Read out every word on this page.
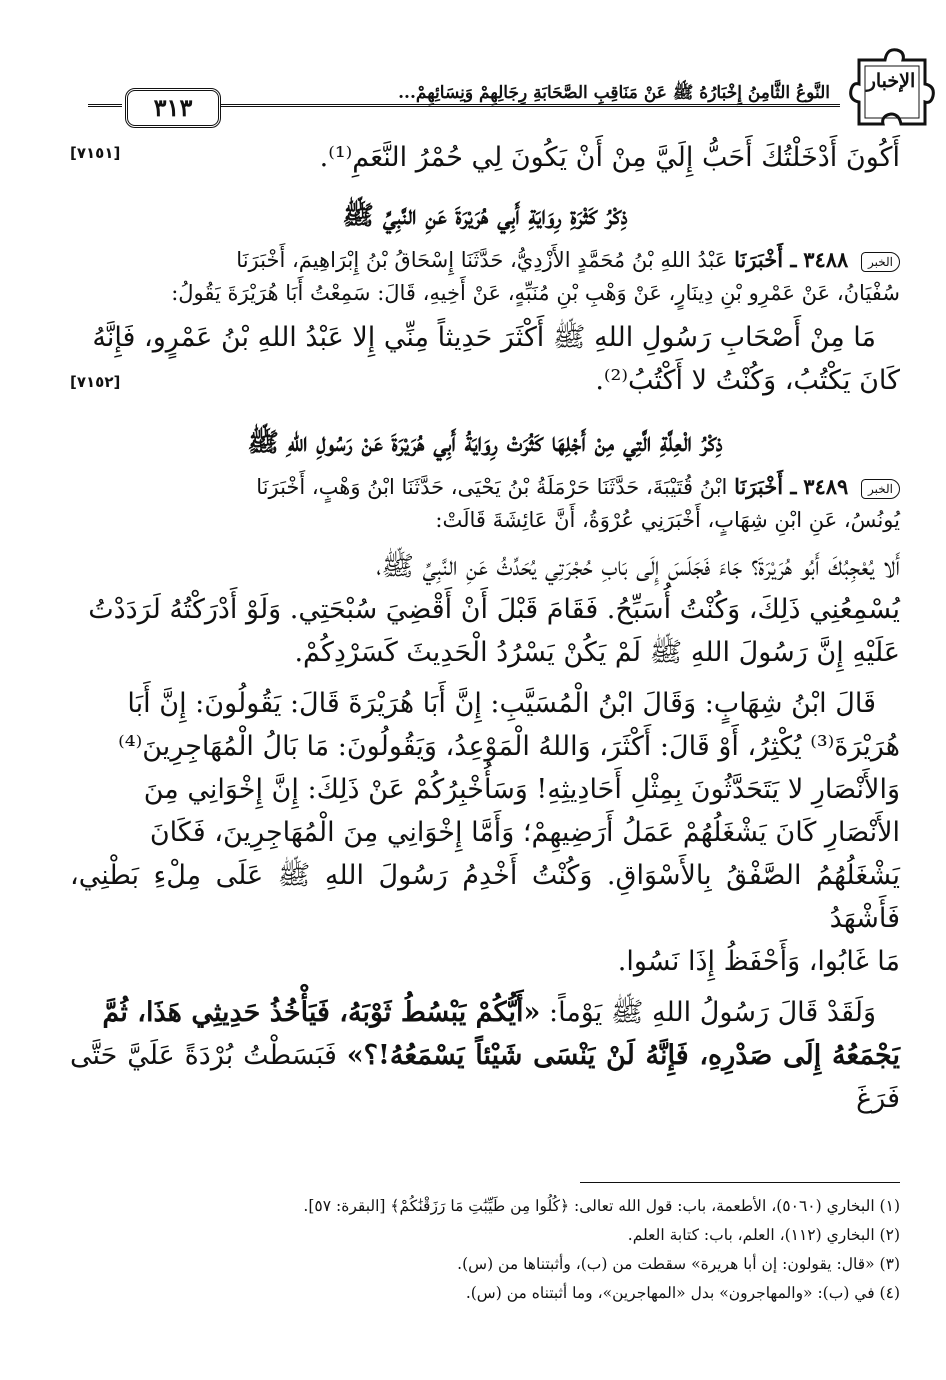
٣١٣	النَّوعُ الثَّامِنُ إِخْبَارُهُ ﷺ عَنْ مَنَاقِبِ الصَّحَابَةِ رِجَالِهِمْ وَنِسَائِهِمْ...
الإخبار
أَكُونَ أَدْخَلْتُكَ أَحَبُّ إِلَيَّ مِنْ أَنْ يَكُونَ لِي حُمْرُ النَّعَمِ⁽¹⁾.
[٧١٥١]
ذِكْرُ كَثْرَةِ رِوَايَةِ أَبِي هُرَيْرَةَ عَنِ النَّبِيِّ ﷺ
الخبر ٣٤٨٨ ـ أَخْبَرَنَا عَبْدُ اللهِ بْنُ مُحَمَّدٍ الأَزْدِيُّ، حَدَّثَنَا إِسْحَاقُ بْنُ إِبْرَاهِيمَ، أَخْبَرَنَا
سُفْيَانُ، عَنْ عَمْرِو بْنِ دِينَارٍ، عَنْ وَهْبِ بْنِ مُنَبِّهٍ، عَنْ أَخِيهِ، قَالَ: سَمِعْتُ أَبَا هُرَيْرَةَ يَقُولُ:
مَا مِنْ أَصْحَابِ رَسُولِ اللهِ ﷺ أَكْثَرَ حَدِيثاً مِنِّي إِلا عَبْدُ اللهِ بْنُ عَمْرٍو، فَإِنَّهُ
كَانَ يَكْتُبُ، وَكُنْتُ لا أَكْتُبُ⁽²⁾.
[٧١٥٢]
ذِكْرُ الْعِلَّةِ الَّتِي مِنْ أَجْلِهَا كَثُرَتْ رِوَايَةُ أَبِي هُرَيْرَةَ عَنْ رَسُولِ اللهِ ﷺ
الخبر ٣٤٨٩ ـ أَخْبَرَنَا ابْنُ قُتَيْبَةَ، حَدَّثَنَا حَرْمَلَةُ بْنُ يَحْيَى، حَدَّثَنَا ابْنُ وَهْبٍ، أَخْبَرَنَا
يُونُسُ، عَنِ ابْنِ شِهَابٍ، أَخْبَرَنِي عُرْوَةُ، أَنَّ عَائِشَةَ قَالَتْ:
أَلا يُعْجِبُكَ أَبُو هُرَيْرَةَ؟ جَاءَ فَجَلَسَ إِلَى بَابِ حُجْرَتِي يُحَدِّثُ عَنِ النَّبِيِّ ﷺ،
يُسْمِعُنِي ذَلِكَ، وَكُنْتُ أُسَبِّحُ. فَقَامَ قَبْلَ أَنْ أَقْضِيَ سُبْحَتِي. وَلَوْ أَدْرَكْتُهُ لَرَدَدْتُ
عَلَيْهِ إِنَّ رَسُولَ اللهِ ﷺ لَمْ يَكُنْ يَسْرُدُ الْحَدِيثَ كَسَرْدِكُمْ.
قَالَ ابْنُ شِهَابٍ: وَقَالَ ابْنُ الْمُسَيَّبِ: إِنَّ أَبَا هُرَيْرَةَ قَالَ: يَقُولُونَ: إِنَّ أَبَا
هُرَيْرَةَ⁽³⁾ يُكْثِرُ، أَوْ قَالَ: أَكْثَرَ، وَاللهُ الْمَوْعِدُ، وَيَقُولُونَ: مَا بَالُ الْمُهَاجِرِينَ⁽⁴⁾
وَالأَنْصَارِ لا يَتَحَدَّثُونَ بِمِثْلِ أَحَادِيثِهِ! وَسَأُخْبِرُكُمْ عَنْ ذَلِكَ: إِنَّ إِخْوَانِي مِنَ
الأَنْصَارِ كَانَ يَشْغَلُهُمْ عَمَلُ أَرَضِيهِمْ؛ وَأَمَّا إِخْوَانِي مِنَ الْمُهَاجِرِينَ، فَكَانَ
يَشْغَلُهُمُ الصَّفْقُ بِالأَسْوَاقِ. وَكُنْتُ أَخْدِمُ رَسُولَ اللهِ ﷺ عَلَى مِلْءِ بَطْنِي، فَأَشْهَدُ
مَا غَابُوا، وَأَحْفَظُ إِذَا نَسُوا.
وَلَقَدْ قَالَ رَسُولُ اللهِ ﷺ يَوْماً: «أَيُّكُمْ يَبْسُطُ ثَوْبَهُ، فَيَأْخُذُ حَدِيثِي هَذَا، ثُمَّ
يَجْمَعُهُ إِلَى صَدْرِهِ، فَإِنَّهُ لَنْ يَنْسَى شَيْئاً يَسْمَعُهُ!؟» فَبَسَطْتُ بُرْدَةً عَلَيَّ حَتَّى فَرَغَ
(١) البخاري (٥٠٦٠)، الأطعمة، باب: قول الله تعالى: ﴿كُلُوا مِن طَيِّبَٰتِ مَا رَزَقْنَٰكُمْ﴾ [البقرة: ٥٧].
(٢) البخاري (١١٢)، العلم، باب: كتابة العلم.
(٣) «قال: يقولون: إن أبا هريرة» سقطت من (ب)، وأثبتناها من (س).
(٤) في (ب): «والمهاجرون» بدل «المهاجرين»، وما أثبتناه من (س).
